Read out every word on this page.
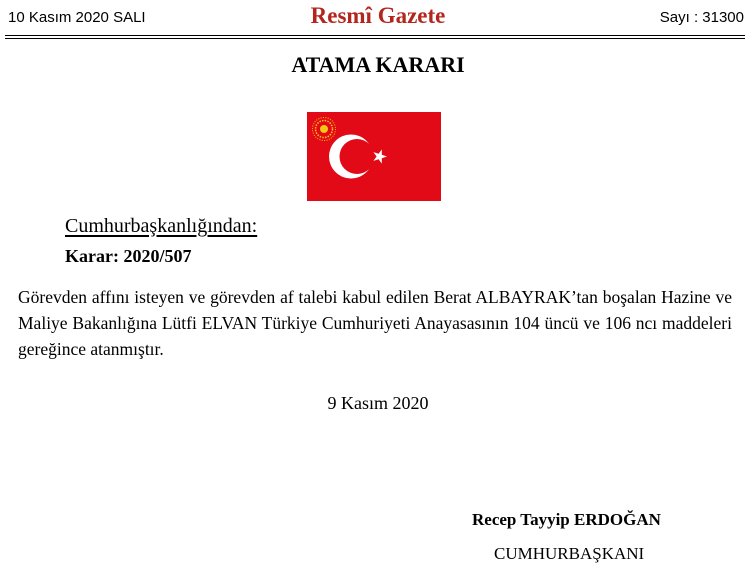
10 Kasım 2020 SALI	Resmî Gazete	Sayı : 31300
ATAMA KARARI
Cumhurbaşkanlığından:
Karar: 2020/507
Görevden affını isteyen ve görevden af talebi kabul edilen Berat ALBAYRAK’tan boşalan Hazine ve Maliye Bakanlığına Lütfi ELVAN Türkiye Cumhuriyeti Anayasasının 104 üncü ve 106 ncı maddeleri gereğince atanmıştır.
9 Kasım 2020
Recep Tayyip ERDOĞAN
CUMHURBAŞKANI
